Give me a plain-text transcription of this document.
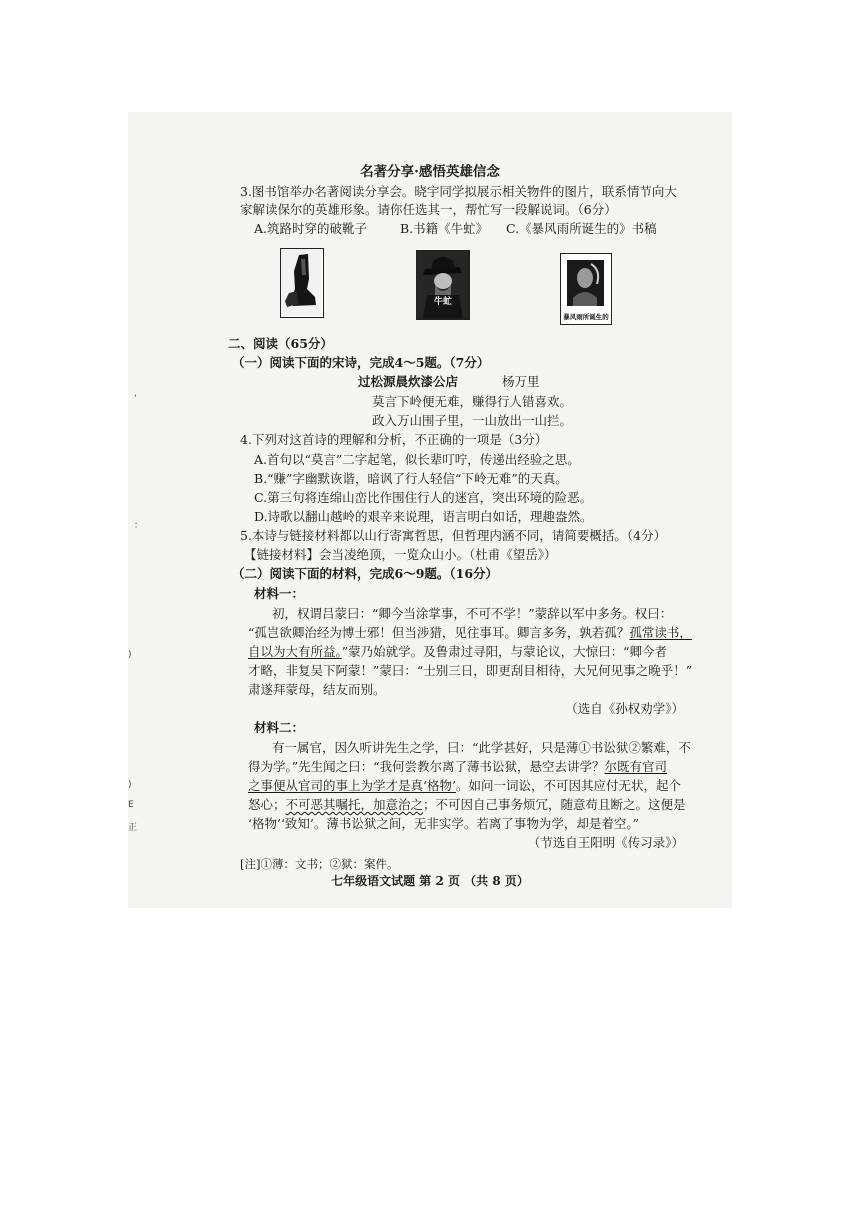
名著分享·感悟英雄信念
3.图书馆举办名著阅读分享会。晓宇同学拟展示相关物件的图片，联系情节向大
家解读保尔的英雄形象。请你任选其一，帮忙写一段解说词。（6分）
A.筑路时穿的破靴子	B.书籍《牛虻》 C.《暴风雨所诞生的》书稿
牛虻
暴风雨所诞生的
二、阅读（65分）
（一）阅读下面的宋诗，完成4～5题。（7分）
过松源晨炊漆公店	杨万里
莫言下岭便无难，赚得行人错喜欢。
政入万山围子里，一山放出一山拦。
4.下列对这首诗的理解和分析，不正确的一项是（3分）
A.首句以“莫言”二字起笔，似长辈叮咛，传递出经验之思。
B.“赚”字幽默诙谐，暗讽了行人轻信“下岭无难”的天真。
C.第三句将连绵山峦比作围住行人的迷宫，突出环境的险恶。
D.诗歌以翻山越岭的艰辛来说理，语言明白如话，理趣盎然。
5.本诗与链接材料都以山行寄寓哲思，但哲理内涵不同，请简要概括。（4分）
【链接材料】会当凌绝顶，一览众山小。（杜甫《望岳》）
（二）阅读下面的材料，完成6～9题。（16分）
材料一：
初，权谓吕蒙曰：“卿今当涂掌事，不可不学！”蒙辞以军中多务。权曰：
“孤岂欲卿治经为博士邪！但当涉猎，见往事耳。卿言多务，孰若孤？孤常读书，
自以为大有所益。”蒙乃始就学。及鲁肃过寻阳，与蒙论议，大惊曰：“卿今者
才略，非复吴下阿蒙！”蒙曰：“士别三日，即更刮目相待，大兄何见事之晚乎！”
肃遂拜蒙母，结友而别。
（选自《孙权劝学》）
材料二：
有一属官，因久听讲先生之学，曰：“此学甚好，只是薄①书讼狱②繁难，不
得为学。”先生闻之曰：“我何尝教尔离了薄书讼狱，悬空去讲学？尔既有官司
之事便从官司的事上为学才是真‘格物’。如问一词讼，不可因其应付无状，起个
怒心；不可恶其嘱托，加意治之；不可因自己事务烦冗，随意苟且断之。这便是
‘格物’‘致知’。薄书讼狱之间，无非实学。若离了事物为学，却是着空。”
（节选自王阳明《传习录》）
[注]①薄：文书；②狱：案件。
七年级语文试题 第 2 页 （共 8 页）
‘
：
)
E
正
)
